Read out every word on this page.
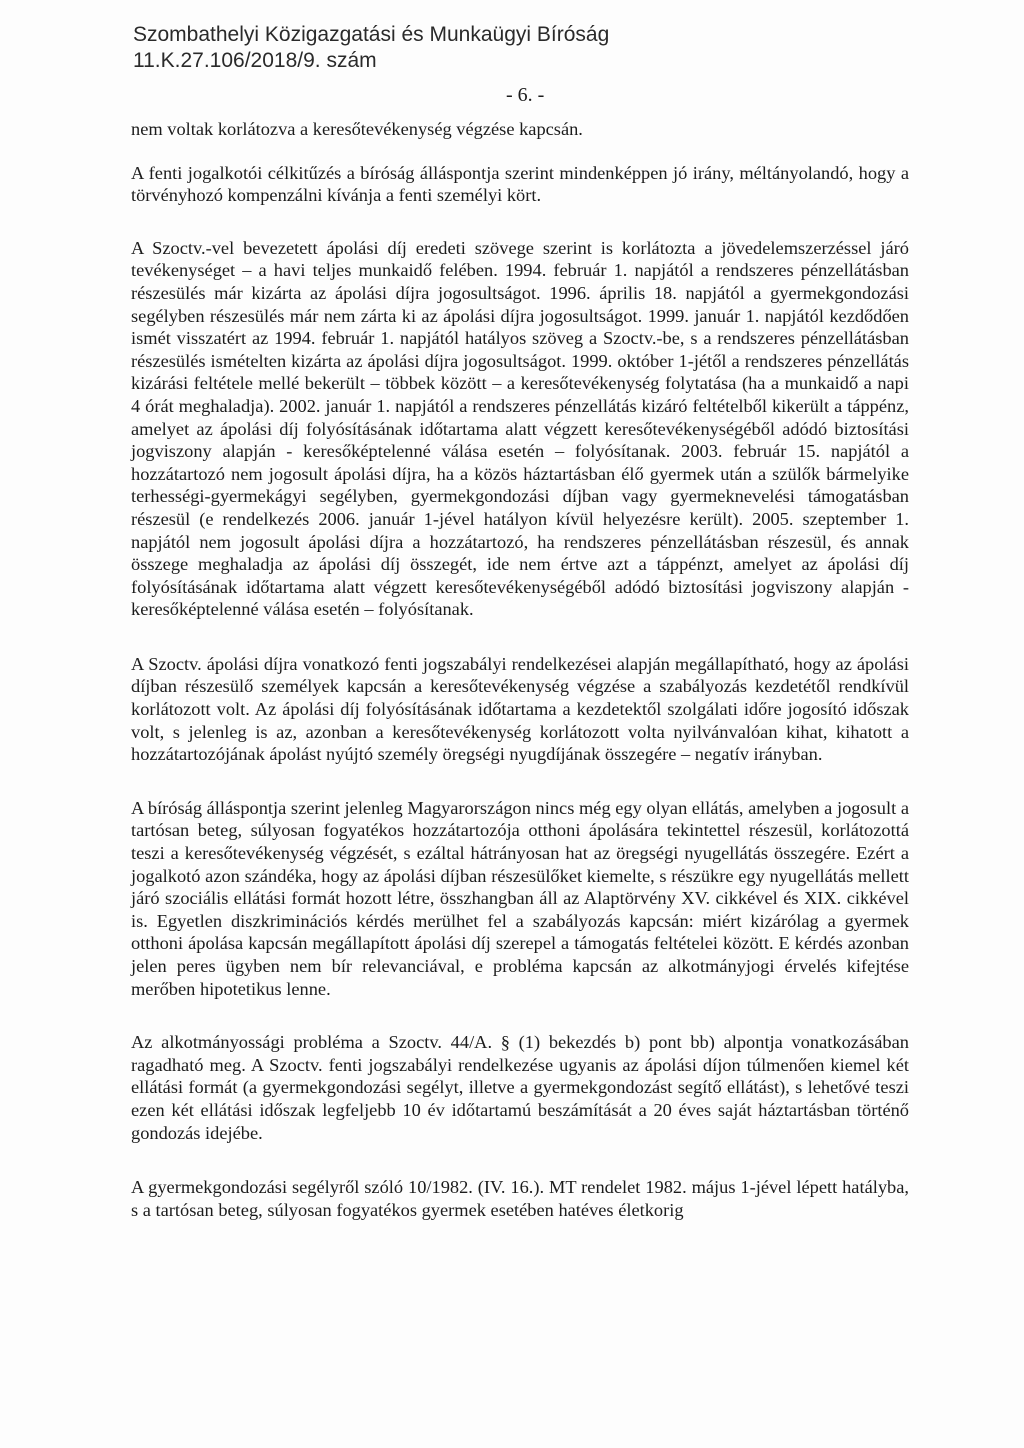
Szombathelyi Közigazgatási és Munkaügyi Bíróság
11.K.27.106/2018/9. szám
- 6. -

nem voltak korlátozva a keresőtevékenység végzése kapcsán.

A fenti jogalkotói célkitűzés a bíróság álláspontja szerint mindenképpen jó irány, méltányolandó, hogy a törvényhozó kompenzálni kívánja a fenti személyi kört.

A Szoctv.-vel bevezetett ápolási díj eredeti szövege szerint is korlátozta a jövedelemszerzéssel járó tevékenységet – a havi teljes munkaidő felében. 1994. február 1. napjától a rendszeres pénzellátásban részesülés már kizárta az ápolási díjra jogosultságot. 1996. április 18. napjától a gyermekgondozási segélyben részesülés már nem zárta ki az ápolási díjra jogosultságot. 1999. január 1. napjától kezdődően ismét visszatért az 1994. február 1. napjától hatályos szöveg a Szoctv.-be, s a rendszeres pénzellátásban részesülés ismételten kizárta az ápolási díjra jogosultságot. 1999. október 1-jétől a rendszeres pénzellátás kizárási feltétele mellé bekerült – többek között – a keresőtevékenység folytatása (ha a munkaidő a napi 4 órát meghaladja). 2002. január 1. napjától a rendszeres pénzellátás kizáró feltételből kikerült a táppénz, amelyet az ápolási díj folyósításának időtartama alatt végzett keresőtevékenységéből adódó biztosítási jogviszony alapján - keresőképtelenné válása esetén – folyósítanak. 2003. február 15. napjától a hozzátartozó nem jogosult ápolási díjra, ha a közös háztartásban élő gyermek után a szülők bármelyike terhességi-gyermekágyi segélyben, gyermekgondozási díjban vagy gyermeknevelési támogatásban részesül (e rendelkezés 2006. január 1-jével hatályon kívül helyezésre került). 2005. szeptember 1. napjától nem jogosult ápolási díjra a hozzátartozó, ha rendszeres pénzellátásban részesül, és annak összege meghaladja az ápolási díj összegét, ide nem értve azt a táppénzt, amelyet az ápolási díj folyósításának időtartama alatt végzett keresőtevékenységéből adódó biztosítási jogviszony alapján - keresőképtelenné válása esetén – folyósítanak.

A Szoctv. ápolási díjra vonatkozó fenti jogszabályi rendelkezései alapján megállapítható, hogy az ápolási díjban részesülő személyek kapcsán a keresőtevékenység végzése a szabályozás kezdetétől rendkívül korlátozott volt. Az ápolási díj folyósításának időtartama a kezdetektől szolgálati időre jogosító időszak volt, s jelenleg is az, azonban a keresőtevékenység korlátozott volta nyilvánvalóan kihat, kihatott a hozzátartozójának ápolást nyújtó személy öregségi nyugdíjának összegére – negatív irányban.

A bíróság álláspontja szerint jelenleg Magyarországon nincs még egy olyan ellátás, amelyben a jogosult a tartósan beteg, súlyosan fogyatékos hozzátartozója otthoni ápolására tekintettel részesül, korlátozottá teszi a keresőtevékenység végzését, s ezáltal hátrányosan hat az öregségi nyugellátás összegére. Ezért a jogalkotó azon szándéka, hogy az ápolási díjban részesülőket kiemelte, s részükre egy nyugellátás mellett járó szociális ellátási formát hozott létre, összhangban áll az Alaptörvény XV. cikkével és XIX. cikkével is. Egyetlen diszkriminációs kérdés merülhet fel a szabályozás kapcsán: miért kizárólag a gyermek otthoni ápolása kapcsán megállapított ápolási díj szerepel a támogatás feltételei között. E kérdés azonban jelen peres ügyben nem bír relevanciával, e probléma kapcsán az alkotmányjogi érvelés kifejtése merőben hipotetikus lenne.

Az alkotmányossági probléma a Szoctv. 44/A. § (1) bekezdés b) pont bb) alpontja vonatkozásában ragadható meg. A Szoctv. fenti jogszabályi rendelkezése ugyanis az ápolási díjon túlmenően kiemel két ellátási formát (a gyermekgondozási segélyt, illetve a gyermekgondozást segítő ellátást), s lehetővé teszi ezen két ellátási időszak legfeljebb 10 év időtartamú beszámítását a 20 éves saját háztartásban történő gondozás idejébe.

A gyermekgondozási segélyről szóló 10/1982. (IV. 16.). MT rendelet 1982. május 1-jével lépett hatályba, s a tartósan beteg, súlyosan fogyatékos gyermek esetében hatéves életkorig
